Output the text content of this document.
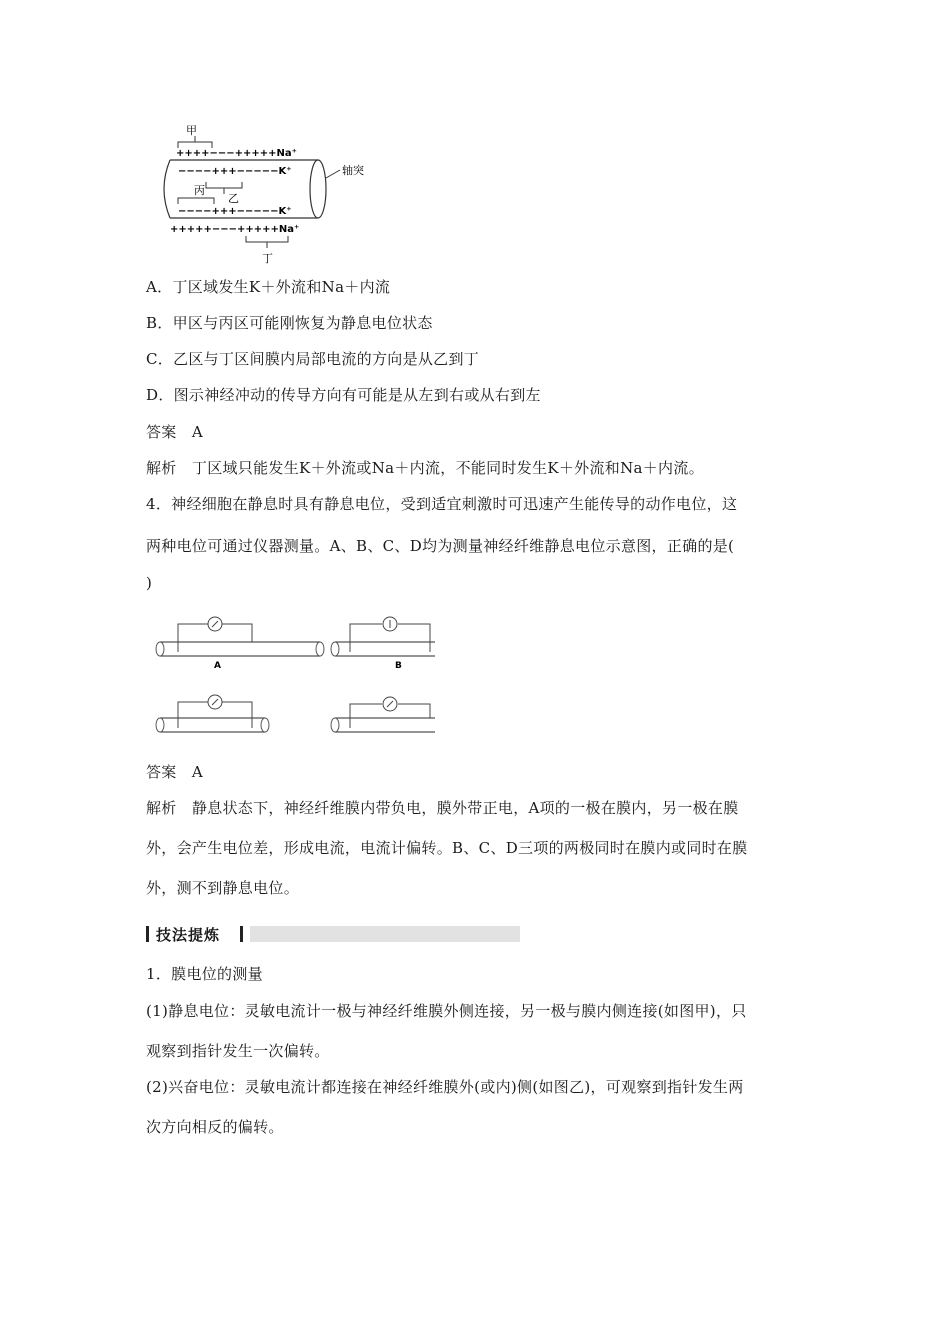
甲
++++−−−+++++Na⁺
−−−−+++−−−−−K⁺
丙
乙
−−−−+++−−−−−K⁺
+++++−−−+++++Na⁺
丁
轴突
A．丁区域发生K＋外流和Na＋内流
B．甲区与丙区可能刚恢复为静息电位状态
C．乙区与丁区间膜内局部电流的方向是从乙到丁
D．图示神经冲动的传导方向有可能是从左到右或从右到左
答案　A
解析　丁区域只能发生K＋外流或Na＋内流，不能同时发生K＋外流和Na＋内流。
4．神经细胞在静息时具有静息电位，受到适宜刺激时可迅速产生能传导的动作电位，这
两种电位可通过仪器测量。A、B、C、D均为测量神经纤维静息电位示意图，正确的是(
)
A	B
答案　A
解析　静息状态下，神经纤维膜内带负电，膜外带正电，A项的一极在膜内，另一极在膜
外，会产生电位差，形成电流，电流计偏转。B、C、D三项的两极同时在膜内或同时在膜
外，测不到静息电位。
技法提炼
1．膜电位的测量
(1)静息电位：灵敏电流计一极与神经纤维膜外侧连接，另一极与膜内侧连接(如图甲)，只
观察到指针发生一次偏转。
(2)兴奋电位：灵敏电流计都连接在神经纤维膜外(或内)侧(如图乙)，可观察到指针发生两
次方向相反的偏转。
